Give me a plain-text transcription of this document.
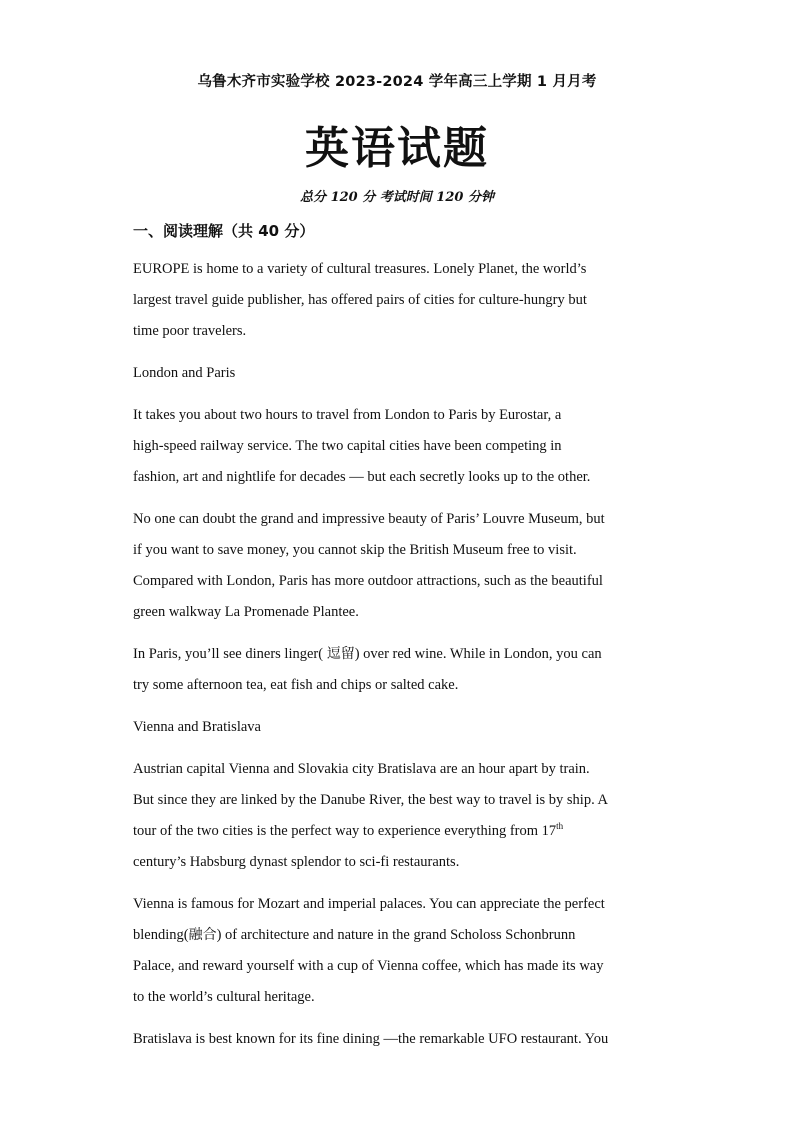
乌鲁木齐市实验学校 2023-2024 学年高三上学期 1 月月考
英语试题
总分 120 分 考试时间 120 分钟
一、阅读理解（共 40 分）
EUROPE is home to a variety of cultural treasures. Lonely Planet, the world’s
largest travel guide publisher, has offered pairs of cities for culture-hungry but
time poor travelers.
London and Paris
It takes you about two hours to travel from London to Paris by Eurostar, a
high-speed railway service. The two capital cities have been competing in
fashion, art and nightlife for decades — but each secretly looks up to the other.
No one can doubt the grand and impressive beauty of Paris’ Louvre Museum, but
if you want to save money, you cannot skip the British Museum free to visit.
Compared with London, Paris has more outdoor attractions, such as the beautiful
green walkway La Promenade Plantee.
In Paris, you’ll see diners linger( 逗留) over red wine. While in London, you can
try some afternoon tea, eat fish and chips or salted cake.
Vienna and Bratislava
Austrian capital Vienna and Slovakia city Bratislava are an hour apart by train.
But since they are linked by the Danube River, the best way to travel is by ship. A
tour of the two cities is the perfect way to experience everything from 17th
century’s Habsburg dynast splendor to sci-fi restaurants.
Vienna is famous for Mozart and imperial palaces. You can appreciate the perfect
blending(融合) of architecture and nature in the grand Scholoss Schonbrunn
Palace, and reward yourself with a cup of Vienna coffee, which has made its way
to the world’s cultural heritage.
Bratislava is best known for its fine dining —the remarkable UFO restaurant. You
